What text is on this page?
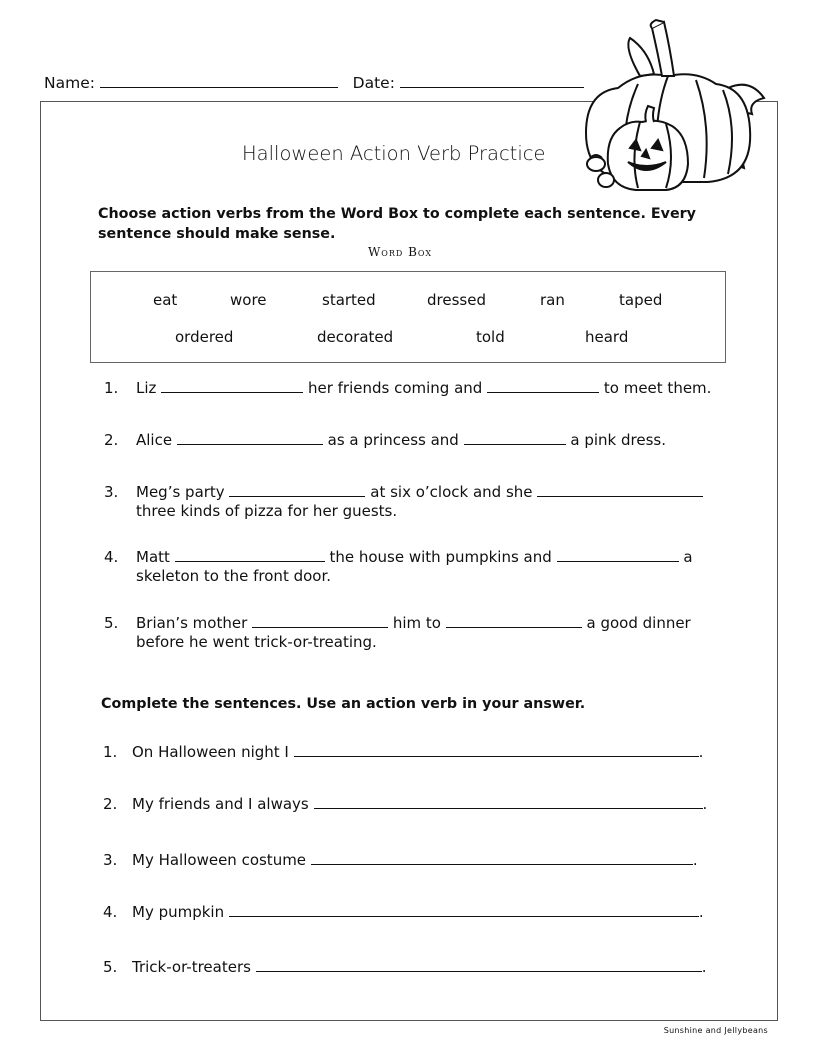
Name:	Date:
Halloween Action Verb Practice
Choose action verbs from the Word Box to complete each sentence. Every sentence should make sense.
Word Box
eat	wore	started	dressed	ran	taped
ordered	decorated	told	heard
1. Liz	her friends coming and	to meet them.
2. Alice	as a princess and	a pink dress.
3. Meg’s party	at six o’clock and she
three kinds of pizza for her guests.
4. Matt	the house with pumpkins and	a
skeleton to the front door.
5. Brian’s mother	him to	a good dinner
before he went trick-or-treating.
Complete the sentences. Use an action verb in your answer.
1. On Halloween night I	.
2. My friends and I always	.
3. My Halloween costume	.
4. My pumpkin	.
5. Trick-or-treaters	.
Sunshine and Jellybeans
